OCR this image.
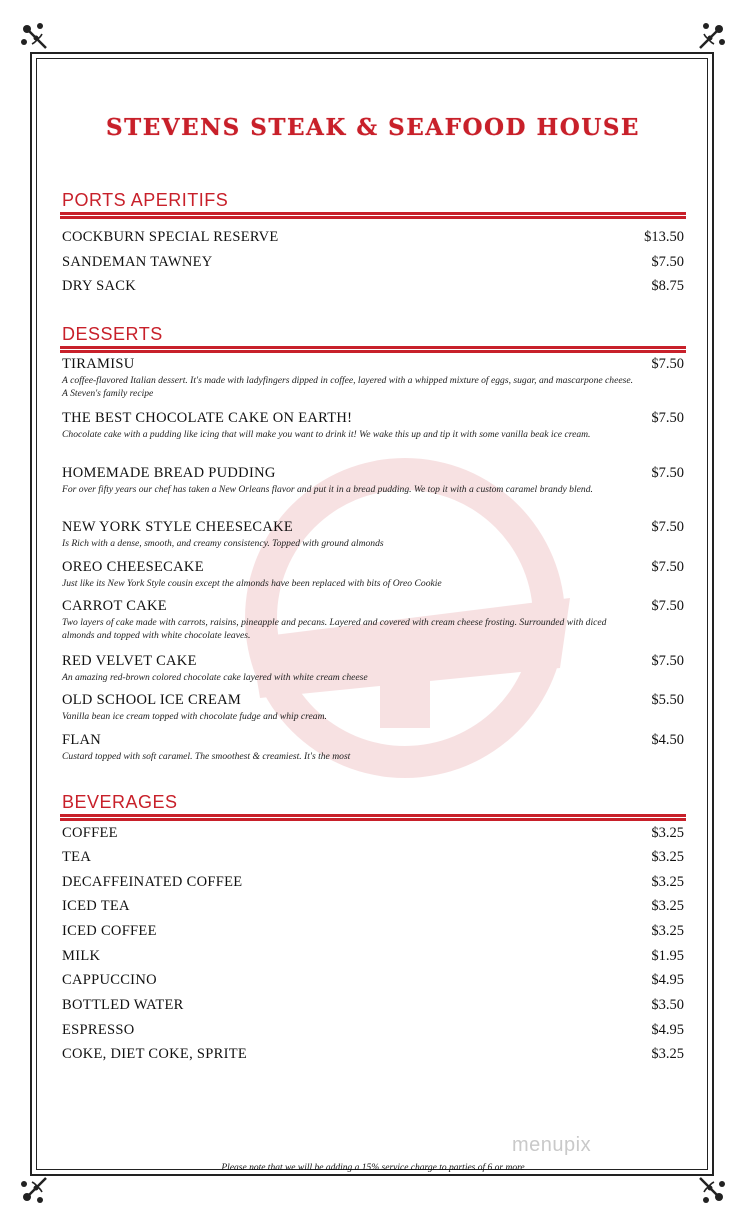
STEVENS STEAK & SEAFOOD HOUSE
PORTS APERITIFS
COCKBURN SPECIAL RESERVE	$13.50
SANDEMAN TAWNEY	$7.50
DRY SACK	$8.75
DESSERTS
TIRAMISU	$7.50
A coffee-flavored Italian dessert. It's made with ladyfingers dipped in coffee, layered with a whipped mixture of eggs, sugar, and mascarpone cheese. A Steven's family recipe
THE BEST CHOCOLATE CAKE ON EARTH!	$7.50
Chocolate cake with a pudding like icing that will make you want to drink it! We wake this up and tip it with some vanilla beak ice cream.
HOMEMADE BREAD PUDDING	$7.50
For over fifty years our chef has taken a New Orleans flavor and put it in a bread pudding. We top it with a custom caramel brandy blend.
NEW YORK STYLE CHEESECAKE	$7.50
Is Rich with a dense, smooth, and creamy consistency. Topped with ground almonds
OREO CHEESECAKE	$7.50
Just like its New York Style cousin except the almonds have been replaced with bits of Oreo Cookie
CARROT CAKE	$7.50
Two layers of cake made with carrots, raisins, pineapple and pecans. Layered and covered with cream cheese frosting. Surrounded with diced almonds and topped with white chocolate leaves.
RED VELVET CAKE	$7.50
An amazing red-brown colored chocolate cake layered with white cream cheese
OLD SCHOOL ICE CREAM	$5.50
Vanilla bean ice cream topped with chocolate fudge and whip cream.
FLAN	$4.50
Custard topped with soft caramel. The smoothest & creamiest. It's the most
BEVERAGES
COFFEE	$3.25
TEA	$3.25
DECAFFEINATED COFFEE	$3.25
ICED TEA	$3.25
ICED COFFEE	$3.25
MILK	$1.95
CAPPUCCINO	$4.95
BOTTLED WATER	$3.50
ESPRESSO	$4.95
COKE, DIET COKE, SPRITE	$3.25
menupix
Please note that we will be adding a 15% service charge to parties of 6 or more
